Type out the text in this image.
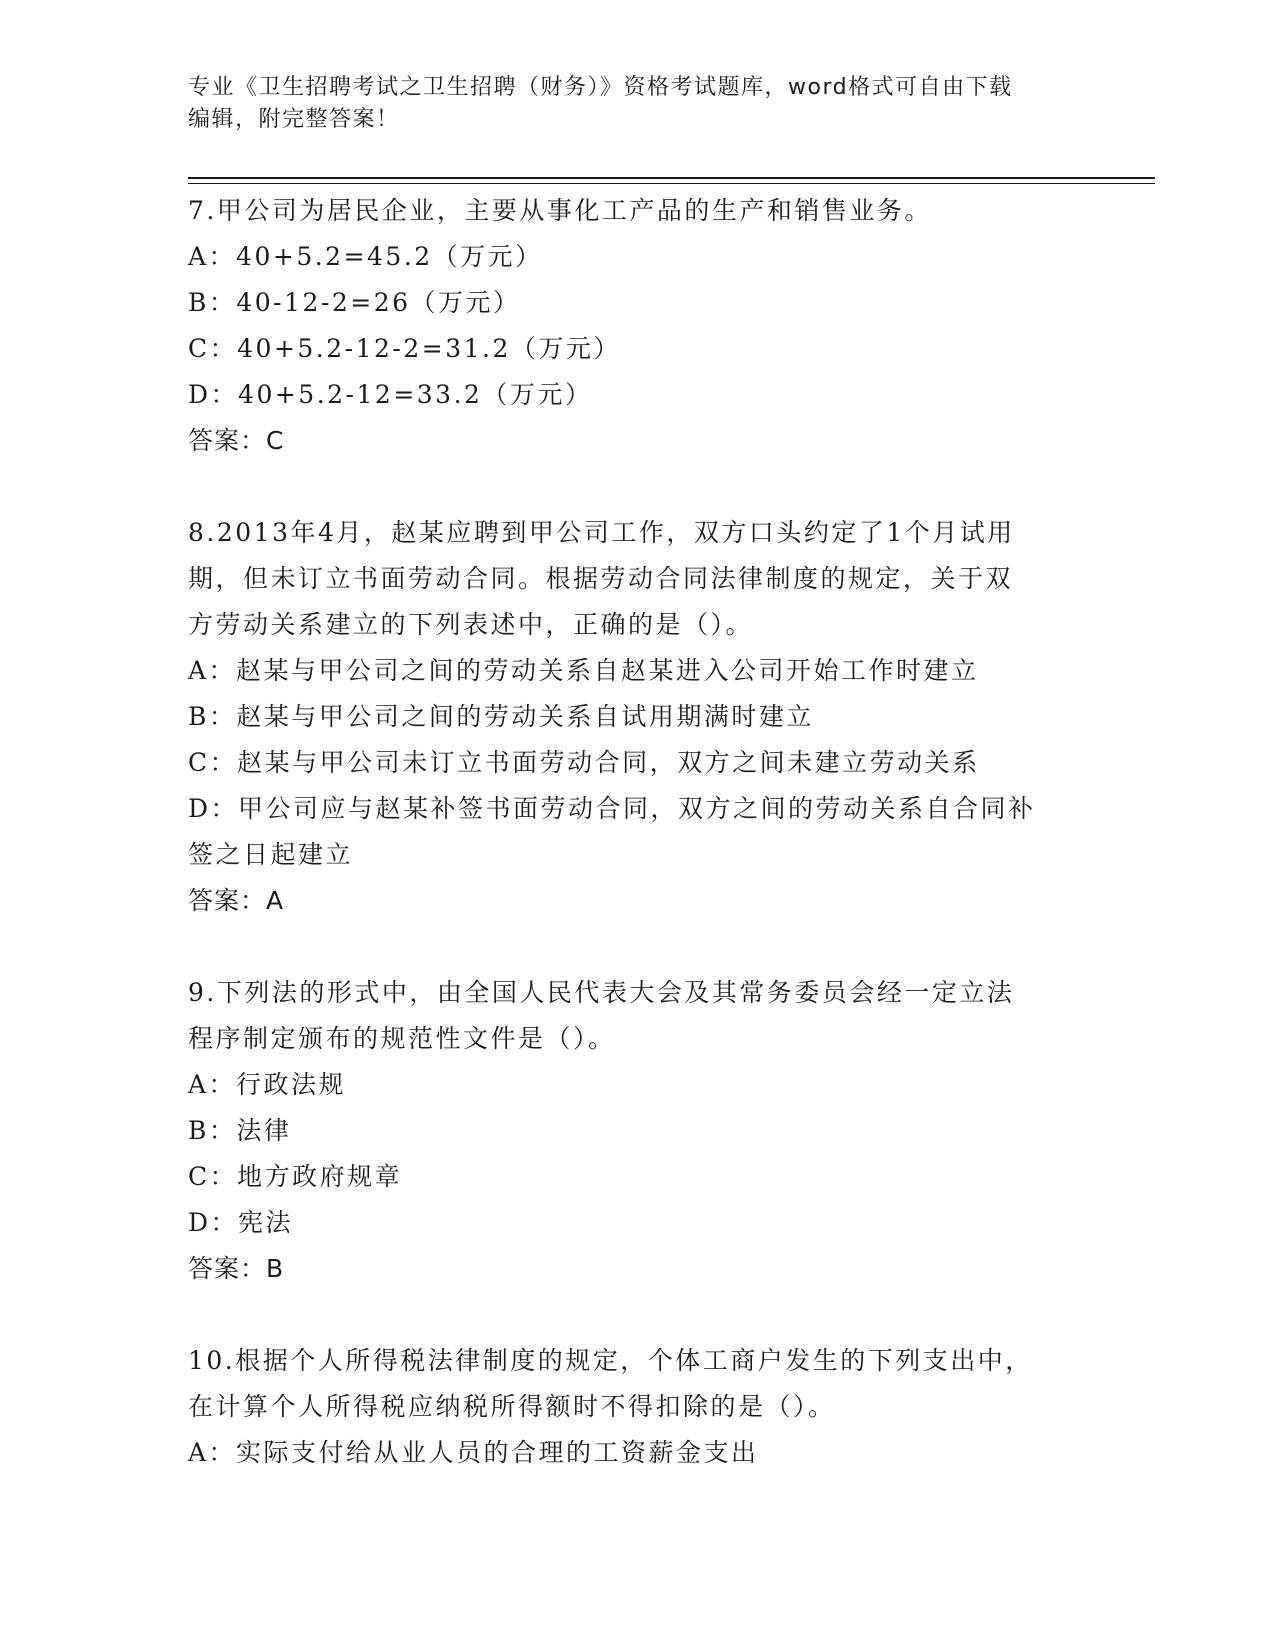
专业《卫生招聘考试之卫生招聘（财务）》资格考试题库，word格式可自由下载
编辑，附完整答案！
7.甲公司为居民企业，主要从事化工产品的生产和销售业务。
A：40+5.2=45.2（万元）
B：40-12-2=26（万元）
C：40+5.2-12-2=31.2（万元）
D：40+5.2-12=33.2（万元）
答案：C
8.2013年4月，赵某应聘到甲公司工作，双方口头约定了1个月试用
期，但未订立书面劳动合同。根据劳动合同法律制度的规定，关于双
方劳动关系建立的下列表述中，正确的是（）。
A：赵某与甲公司之间的劳动关系自赵某进入公司开始工作时建立
B：赵某与甲公司之间的劳动关系自试用期满时建立
C：赵某与甲公司未订立书面劳动合同，双方之间未建立劳动关系
D：甲公司应与赵某补签书面劳动合同，双方之间的劳动关系自合同补
签之日起建立
答案：A
9.下列法的形式中，由全国人民代表大会及其常务委员会经一定立法
程序制定颁布的规范性文件是（）。
A：行政法规
B：法律
C：地方政府规章
D：宪法
答案：B
10.根据个人所得税法律制度的规定，个体工商户发生的下列支出中，
在计算个人所得税应纳税所得额时不得扣除的是（）。
A：实际支付给从业人员的合理的工资薪金支出
